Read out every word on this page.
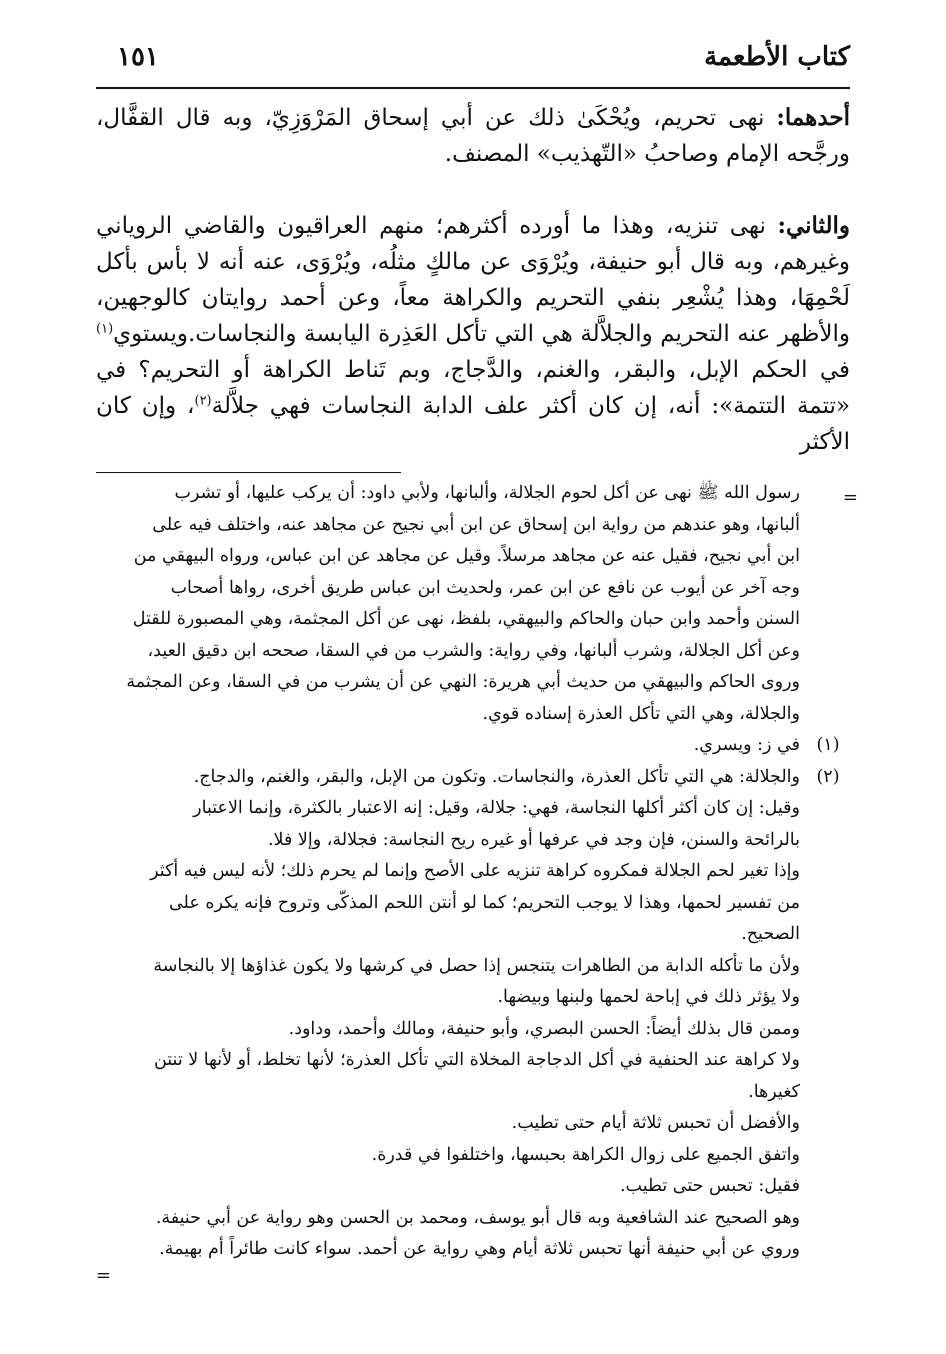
كتاب الأطعمة
١٥١

أحدهما: نهى تحريم، ويُحْكَىٰ ذلك عن أبي إسحاق المَرْوَزِيّ، وبه قال القفَّال، ورجَّحه الإمام وصاحبُ «التّهذيب» المصنف.

والثاني: نهى تنزيه، وهذا ما أورده أكثرهم؛ منهم العراقيون والقاضي الروياني وغيرهم، وبه قال أبو حنيفة، ويُرْوَى عن مالكٍ مثلُه، ويُرْوَى، عنه أنه لا بأس بأكل لَحْمِهَا، وهذا يُشْعِر بنفي التحريم والكراهة معاً، وعن أحمد روايتان كالوجهين، والأظهر عنه التحريم والجلاَّلة هي التي تأكل العَذِرة اليابسة والنجاسات.ويستوي$^{(١)}$ في الحكم الإبل، والبقر، والغنم، والدَّجاج، وبم تَناط الكراهة أو التحريم؟ في «تتمة التتمة»: أنه، إن كان أكثر علف الدابة النجاسات فهي جلاَّلة$^{(٢)}$، وإن كان الأكثر

=
رسول الله ﷺ نهى عن أكل لحوم الجلالة، وألبانها، ولأبي داود: أن يركب عليها، أو تشرب
ألبانها، وهو عندهم من رواية ابن إسحاق عن ابن أبي نجيح عن مجاهد عنه، واختلف فيه على
ابن أبي نجيح، فقيل عنه عن مجاهد مرسلاً. وقيل عن مجاهد عن ابن عباس، ورواه البيهقي من
وجه آخر عن أيوب عن نافع عن ابن عمر، ولحديث ابن عباس طريق أخرى، رواها أصحاب
السنن وأحمد وابن حبان والحاكم والبيهقي، بلفظ، نهى عن أكل المجثمة، وهي المصبورة للقتل
وعن أكل الجلالة، وشرب ألبانها، وفي رواية: والشرب من في السقا، صححه ابن دقيق العيد،
وروى الحاكم والبيهقي من حديث أبي هريرة: النهي عن أن يشرب من في السقا، وعن المجثمة
والجلالة، وهي التي تأكل العذرة إسناده قوي.
(١)
في ز: ويسري.
(٢)
والجلالة: هي التي تأكل العذرة، والنجاسات. وتكون من الإبل، والبقر، والغنم، والدجاج.
وقيل: إن كان أكثر أكلها النجاسة، فهي: جلالة، وقيل: إنه الاعتبار بالكثرة، وإنما الاعتبار
بالرائحة والسنن، فإن وجد في عرفها أو غيره ريح النجاسة: فجلالة، وإلا فلا.
وإذا تغير لحم الجلالة فمكروه كراهة تنزيه على الأصح وإنما لم يحرم ذلك؛ لأنه ليس فيه أكثر
من تفسير لحمها، وهذا لا يوجب التحريم؛ كما لو أنتن اللحم المذكّى وتروح فإنه يكره على
الصحيح.
ولأن ما تأكله الدابة من الطاهرات يتنجس إذا حصل في كرشها ولا يكون غذاؤها إلا بالنجاسة
ولا يؤثر ذلك في إباحة لحمها ولبنها وبيضها.
وممن قال بذلك أيضاً: الحسن البصري، وأبو حنيفة، ومالك وأحمد، وداود.
ولا كراهة عند الحنفية في أكل الدجاجة المخلاة التي تأكل العذرة؛ لأنها تخلط، أو لأنها لا تنتن
كغيرها.
والأفضل أن تحبس ثلاثة أيام حتى تطيب.
واتفق الجميع على زوال الكراهة بحبسها، واختلفوا في قدرة.
فقيل: تحبس حتى تطيب.
وهو الصحيح عند الشافعية وبه قال أبو يوسف، ومحمد بن الحسن وهو رواية عن أبي حنيفة.
وروي عن أبي حنيفة أنها تحبس ثلاثة أيام وهي رواية عن أحمد. سواء كانت طائراً أم بهيمة.
=
